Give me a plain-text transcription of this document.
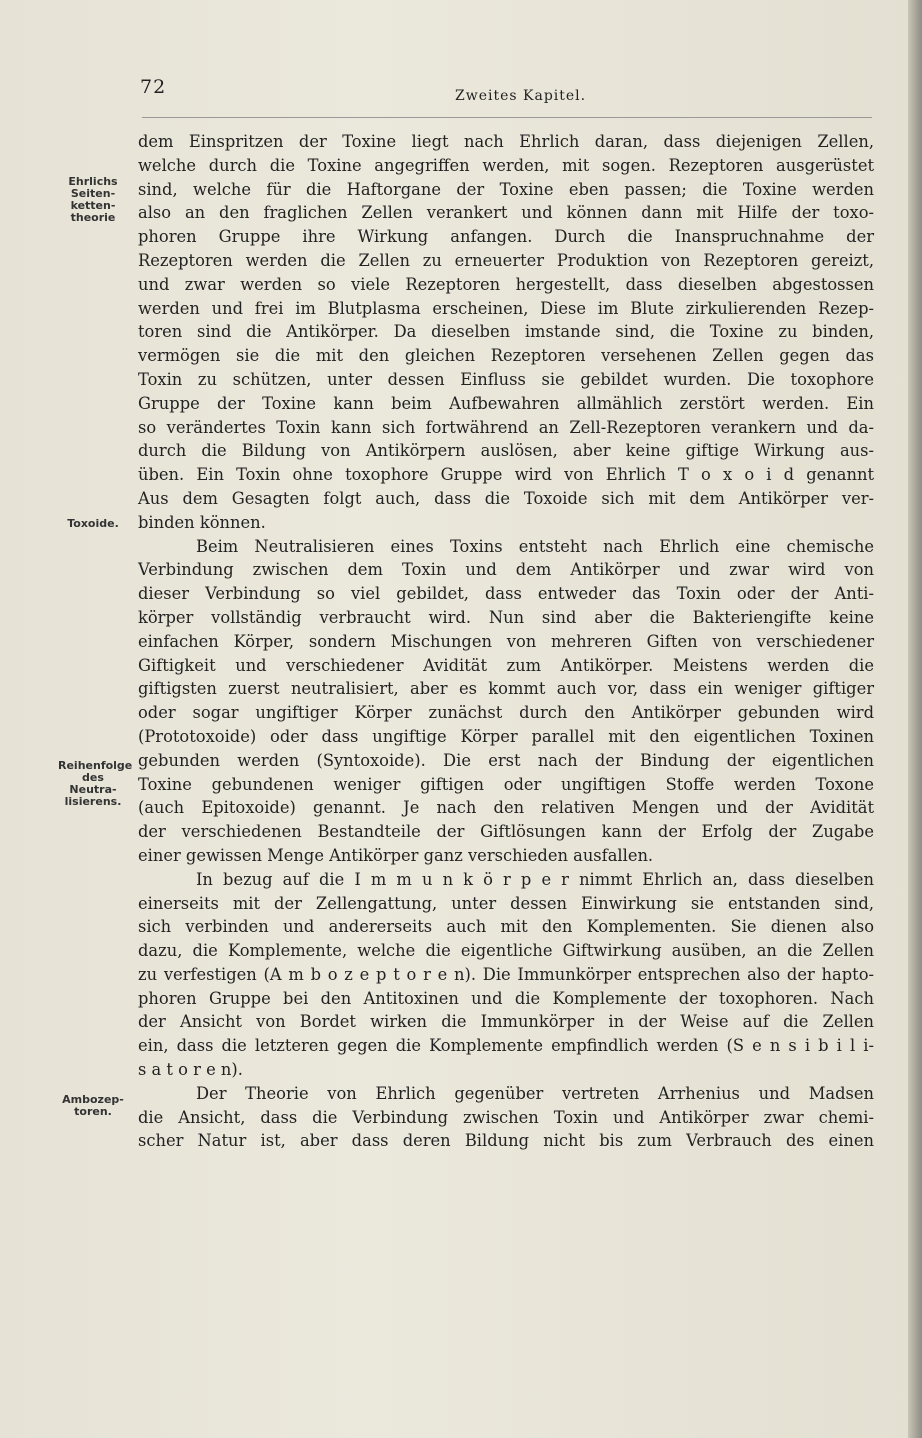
72	Zweites Kapitel.
Ehrlichs Seiten-ketten-theorie
Toxoide.
Reihenfolge des Neutra-lisierens.
Ambozep-toren.
dem Einspritzen der Toxine liegt nach Ehrlich daran, dass diejenigen Zellen,
welche durch die Toxine angegriffen werden, mit sogen. Rezeptoren ausgerüstet
sind, welche für die Haftorgane der Toxine eben passen; die Toxine werden
also an den fraglichen Zellen verankert und können dann mit Hilfe der toxo-
phoren Gruppe ihre Wirkung anfangen. Durch die Inanspruchnahme der
Rezeptoren werden die Zellen zu erneuerter Produktion von Rezeptoren gereizt,
und zwar werden so viele Rezeptoren hergestellt, dass dieselben abgestossen
werden und frei im Blutplasma erscheinen, Diese im Blute zirkulierenden Rezep-
toren sind die Antikörper. Da dieselben imstande sind, die Toxine zu binden,
vermögen sie die mit den gleichen Rezeptoren versehenen Zellen gegen das
Toxin zu schützen, unter dessen Einfluss sie gebildet wurden. Die toxophore
Gruppe der Toxine kann beim Aufbewahren allmählich zerstört werden. Ein
so verändertes Toxin kann sich fortwährend an Zell-Rezeptoren verankern und da-
durch die Bildung von Antikörpern auslösen, aber keine giftige Wirkung aus-
üben. Ein Toxin ohne toxophore Gruppe wird von Ehrlich T o x o i d genannt
Aus dem Gesagten folgt auch, dass die Toxoide sich mit dem Antikörper ver-
binden können.
Beim Neutralisieren eines Toxins entsteht nach Ehrlich eine chemische
Verbindung zwischen dem Toxin und dem Antikörper und zwar wird von
dieser Verbindung so viel gebildet, dass entweder das Toxin oder der Anti-
körper vollständig verbraucht wird. Nun sind aber die Bakteriengifte keine
einfachen Körper, sondern Mischungen von mehreren Giften von verschiedener
Giftigkeit und verschiedener Avidität zum Antikörper. Meistens werden die
giftigsten zuerst neutralisiert, aber es kommt auch vor, dass ein weniger giftiger
oder sogar ungiftiger Körper zunächst durch den Antikörper gebunden wird
(Prototoxoide) oder dass ungiftige Körper parallel mit den eigentlichen Toxinen
gebunden werden (Syntoxoide). Die erst nach der Bindung der eigentlichen
Toxine gebundenen weniger giftigen oder ungiftigen Stoffe werden Toxone
(auch Epitoxoide) genannt. Je nach den relativen Mengen und der Avidität
der verschiedenen Bestandteile der Giftlösungen kann der Erfolg der Zugabe
einer gewissen Menge Antikörper ganz verschieden ausfallen.
In bezug auf die I m m u n k ö r p e r nimmt Ehrlich an, dass dieselben
einerseits mit der Zellengattung, unter dessen Einwirkung sie entstanden sind,
sich verbinden und andererseits auch mit den Komplementen. Sie dienen also
dazu, die Komplemente, welche die eigentliche Giftwirkung ausüben, an die Zellen
zu verfestigen (A m b o z e p t o r e n). Die Immunkörper entsprechen also der hapto-
phoren Gruppe bei den Antitoxinen und die Komplemente der toxophoren. Nach
der Ansicht von Bordet wirken die Immunkörper in der Weise auf die Zellen
ein, dass die letzteren gegen die Komplemente empfindlich werden (S e n s i b i l i-
s a t o r e n).
Der Theorie von Ehrlich gegenüber vertreten Arrhenius und Madsen
die Ansicht, dass die Verbindung zwischen Toxin und Antikörper zwar chemi-
scher Natur ist, aber dass deren Bildung nicht bis zum Verbrauch des einen
